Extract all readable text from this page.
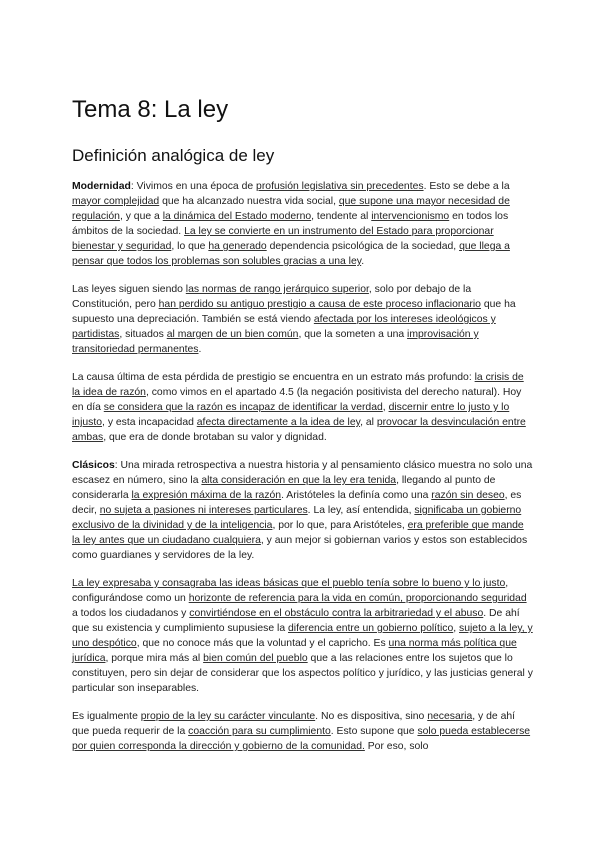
Tema 8: La ley
Definición analógica de ley

Modernidad: Vivimos en una época de profusión legislativa sin precedentes. Esto se debe a la mayor complejidad que ha alcanzado nuestra vida social, que supone una mayor necesidad de regulación, y que a la dinámica del Estado moderno, tendente al intervencionismo en todos los ámbitos de la sociedad. La ley se convierte en un instrumento del Estado para proporcionar bienestar y seguridad, lo que ha generado dependencia psicológica de la sociedad, que llega a pensar que todos los problemas son solubles gracias a una ley.

Las leyes siguen siendo las normas de rango jerárquico superior, solo por debajo de la Constitución, pero han perdido su antiguo prestigio a causa de este proceso inflacionario que ha supuesto una depreciación. También se está viendo afectada por los intereses ideológicos y partidistas, situados al margen de un bien común, que la someten a una improvisación y transitoriedad permanentes.

La causa última de esta pérdida de prestigio se encuentra en un estrato más profundo: la crisis de la idea de razón, como vimos en el apartado 4.5 (la negación positivista del derecho natural). Hoy en día se considera que la razón es incapaz de identificar la verdad, discernir entre lo justo y lo injusto, y esta incapacidad afecta directamente a la idea de ley, al provocar la desvinculación entre ambas, que era de donde brotaban su valor y dignidad.

Clásicos: Una mirada retrospectiva a nuestra historia y al pensamiento clásico muestra no solo una escasez en número, sino la alta consideración en que la ley era tenida, llegando al punto de considerarla la expresión máxima de la razón. Aristóteles la definía como una razón sin deseo, es decir, no sujeta a pasiones ni intereses particulares. La ley, así entendida, significaba un gobierno exclusivo de la divinidad y de la inteligencia, por lo que, para Aristóteles, era preferible que mande la ley antes que un ciudadano cualquiera, y aun mejor si gobiernan varios y estos son establecidos como guardianes y servidores de la ley.

La ley expresaba y consagraba las ideas básicas que el pueblo tenía sobre lo bueno y lo justo, configurándose como un horizonte de referencia para la vida en común, proporcionando seguridad a todos los ciudadanos y convirtiéndose en el obstáculo contra la arbitrariedad y el abuso. De ahí que su existencia y cumplimiento supusiese la diferencia entre un gobierno político, sujeto a la ley, y uno despótico, que no conoce más que la voluntad y el capricho. Es una norma más política que jurídica, porque mira más al bien común del pueblo que a las relaciones entre los sujetos que lo constituyen, pero sin dejar de considerar que los aspectos político y jurídico, y las justicias general y particular son inseparables.

Es igualmente propio de la ley su carácter vinculante. No es dispositiva, sino necesaria, y de ahí que pueda requerir de la coacción para su cumplimiento. Esto supone que solo pueda establecerse por quien corresponda la dirección y gobierno de la comunidad. Por eso, solo
